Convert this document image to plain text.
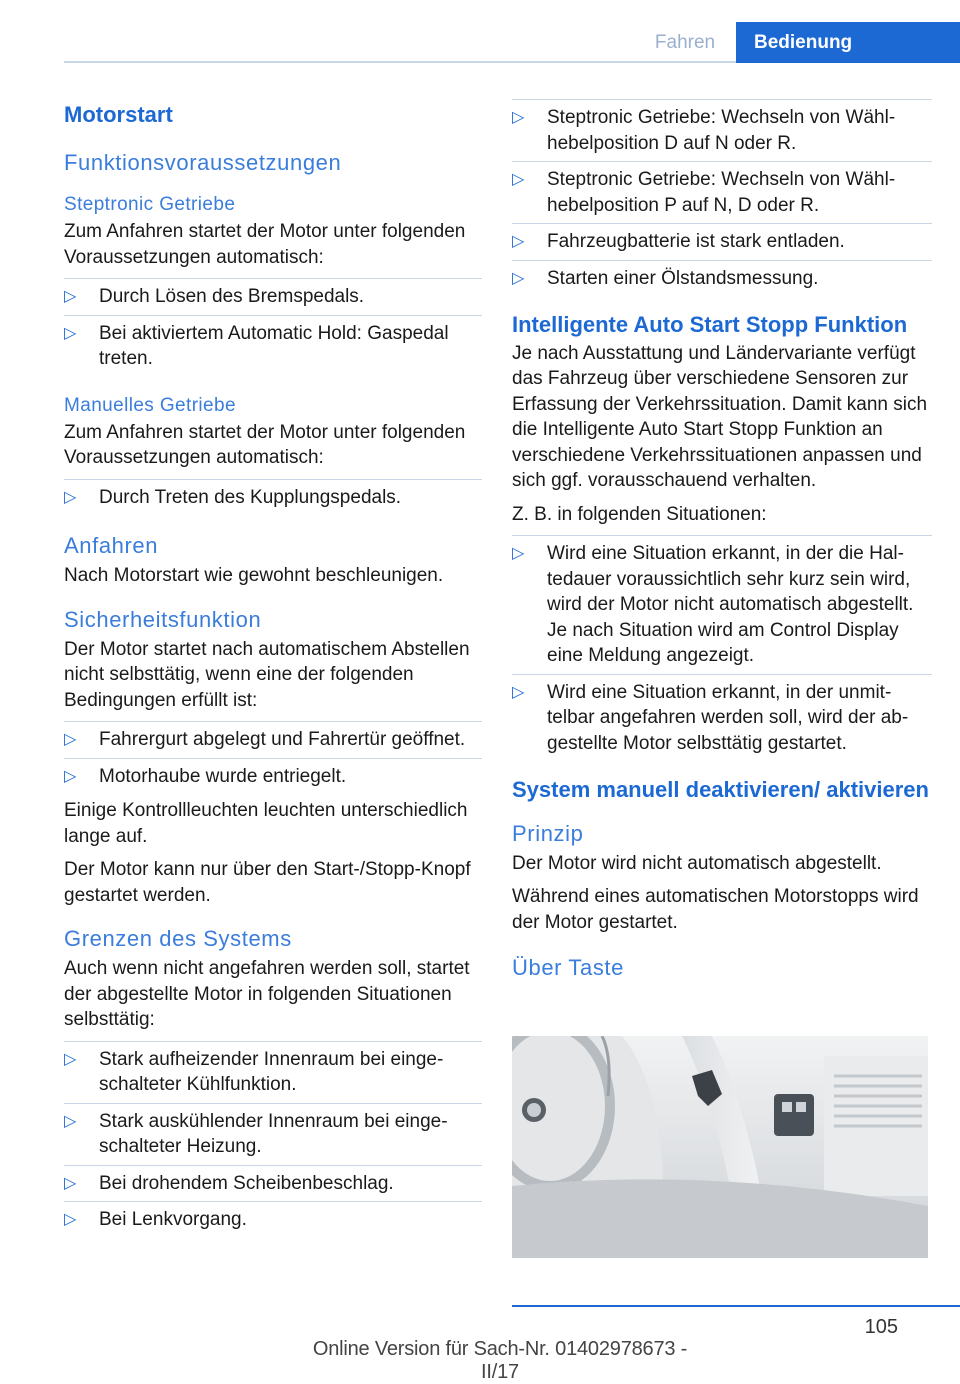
Fahren	Bedienung
Motorstart
Funktionsvoraussetzungen
Steptronic Getriebe

Zum Anfahren startet der Motor unter folgenden Voraussetzungen automatisch:

▷ Durch Lösen des Bremspedals.
▷ Bei aktiviertem Automatic Hold: Gaspedal treten.
Manuelles Getriebe

Zum Anfahren startet der Motor unter folgenden Voraussetzungen automatisch:

▷ Durch Treten des Kupplungspedals.
Anfahren

Nach Motorstart wie gewohnt beschleunigen.

Sicherheitsfunktion

Der Motor startet nach automatischem Abstellen nicht selbsttätig, wenn eine der folgenden Bedingungen erfüllt ist:

▷ Fahrergurt abgelegt und Fahrertür geöffnet.
▷ Motorhaube wurde entriegelt.

Einige Kontrollleuchten leuchten unterschiedlich lange auf.

Der Motor kann nur über den Start-/Stopp-Knopf gestartet werden.

Grenzen des Systems

Auch wenn nicht angefahren werden soll, startet der abgestellte Motor in folgenden Situationen selbsttätig:

▷ Stark aufheizender Innenraum bei eingeschalteter Kühlfunktion.
▷ Stark auskühlender Innenraum bei eingeschalteter Heizung.
▷ Bei drohendem Scheibenbeschlag.
▷ Bei Lenkvorgang.
▷ Steptronic Getriebe: Wechseln von Wählhebelposition D auf N oder R.
▷ Steptronic Getriebe: Wechseln von Wählhebelposition P auf N, D oder R.
▷ Fahrzeugbatterie ist stark entladen.
▷ Starten einer Ölstandsmessung.
Intelligente Auto Start Stopp Funktion

Je nach Ausstattung und Ländervariante verfügt das Fahrzeug über verschiedene Sensoren zur Erfassung der Verkehrssituation. Damit kann sich die Intelligente Auto Start Stopp Funktion an verschiedene Verkehrssituationen anpassen und sich ggf. vorausschauend verhalten.

Z. B. in folgenden Situationen:

▷ Wird eine Situation erkannt, in der die Haltedauer voraussichtlich sehr kurz sein wird, wird der Motor nicht automatisch abgestellt. Je nach Situation wird am Control Display eine Meldung angezeigt.
▷ Wird eine Situation erkannt, in der unmittelbar angefahren werden soll, wird der abgestellte Motor selbsttätig gestartet.
System manuell deaktivieren/ aktivieren
Prinzip

Der Motor wird nicht automatisch abgestellt.

Während eines automatischen Motorstopps wird der Motor gestartet.

Über Taste
105
Online Version für Sach-Nr. 01402978673 - II/17
